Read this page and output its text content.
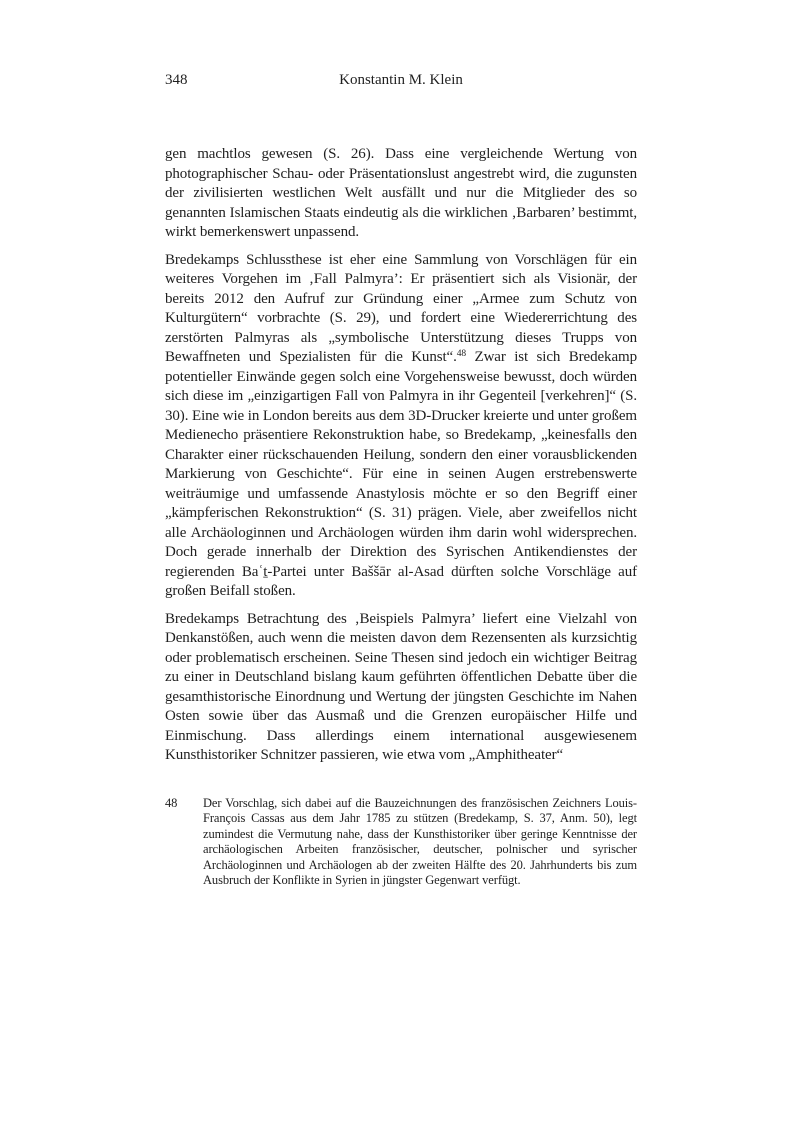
348	Konstantin M. Klein

gen machtlos gewesen (S. 26). Dass eine vergleichende Wertung von photographischer Schau- oder Präsentationslust angestrebt wird, die zugunsten der zivilisierten westlichen Welt ausfällt und nur die Mitglieder des so genannten Islamischen Staats eindeutig als die wirklichen ‚Barbaren’ bestimmt, wirkt bemerkenswert unpassend.

Bredekamps Schlussthese ist eher eine Sammlung von Vorschlägen für ein weiteres Vorgehen im ‚Fall Palmyra’: Er präsentiert sich als Visionär, der bereits 2012 den Aufruf zur Gründung einer „Armee zum Schutz von Kulturgütern“ vorbrachte (S. 29), und fordert eine Wiedererrichtung des zerstörten Palmyras als „symbolische Unterstützung dieses Trupps von Bewaffneten und Spezialisten für die Kunst“.$^{48}$ Zwar ist sich Bredekamp potentieller Einwände gegen solch eine Vorgehensweise bewusst, doch würden sich diese im „einzigartigen Fall von Palmyra in ihr Gegenteil [verkehren]“ (S. 30). Eine wie in London bereits aus dem 3D-Drucker kreierte und unter großem Medienecho präsentiere Rekonstruktion habe, so Bredekamp, „keinesfalls den Charakter einer rückschauenden Heilung, sondern den einer vorausblickenden Markierung von Geschichte“. Für eine in seinen Augen erstrebenswerte weiträumige und umfassende Anastylosis möchte er so den Begriff einer „kämpferischen Rekonstruktion“ (S. 31) prägen. Viele, aber zweifellos nicht alle Archäologinnen und Archäologen würden ihm darin wohl widersprechen. Doch gerade innerhalb der Direktion des Syrischen Antikendienstes der regierenden Baʿṯ-Partei unter Baššār al-Asad dürften solche Vorschläge auf großen Beifall stoßen.

Bredekamps Betrachtung des ‚Beispiels Palmyra’ liefert eine Vielzahl von Denkanstößen, auch wenn die meisten davon dem Rezensenten als kurzsichtig oder problematisch erscheinen. Seine Thesen sind jedoch ein wichtiger Beitrag zu einer in Deutschland bislang kaum geführten öffentlichen Debatte über die gesamthistorische Einordnung und Wertung der jüngsten Geschichte im Nahen Osten sowie über das Ausmaß und die Grenzen europäischer Hilfe und Einmischung. Dass allerdings einem international ausgewiesenem Kunsthistoriker Schnitzer passieren, wie etwa vom „Amphitheater“

48 Der Vorschlag, sich dabei auf die Bauzeichnungen des französischen Zeichners Louis-François Cassas aus dem Jahr 1785 zu stützen (Bredekamp, S. 37, Anm. 50), legt zumindest die Vermutung nahe, dass der Kunsthistoriker über geringe Kenntnisse der archäologischen Arbeiten französischer, deutscher, polnischer und syrischer Archäologinnen und Archäologen ab der zweiten Hälfte des 20. Jahrhunderts bis zum Ausbruch der Konflikte in Syrien in jüngster Gegenwart verfügt.
